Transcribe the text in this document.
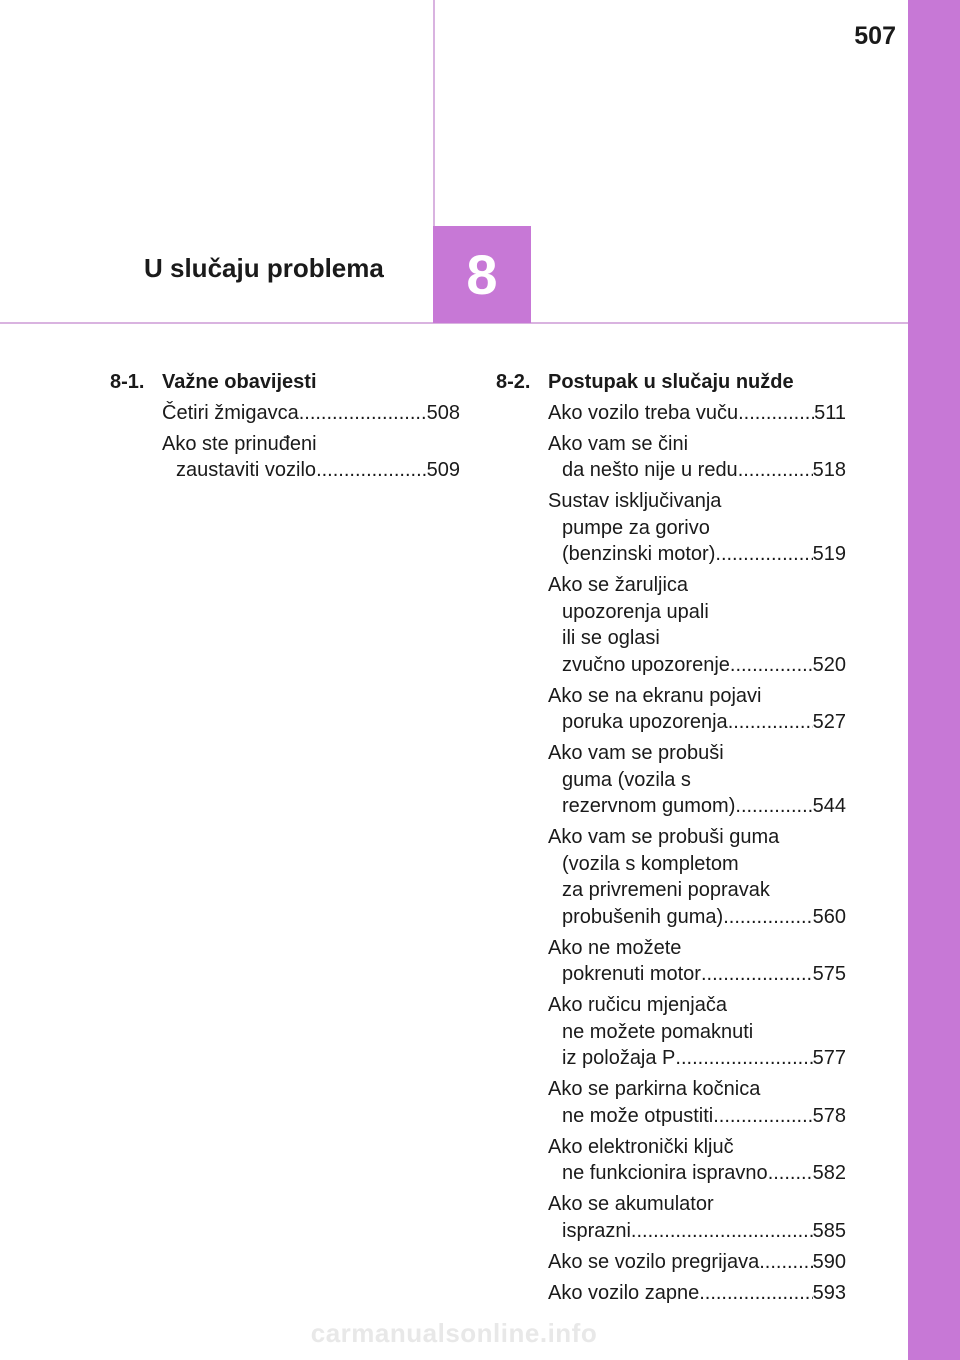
507
U slučaju problema 8
8-1. Važne obavijesti
Četiri žmigavca .....	508
Ako ste prinuđeni
zaustaviti vozilo .....	509
8-2. Postupak u slučaju nužde
Ako vozilo treba vuču .....	511
Ako vam se čini
da nešto nije u redu .....	518
Sustav isključivanja
pumpe za gorivo
(benzinski motor) .....	519
Ako se žaruljica
upozorenja upali
ili se oglasi
zvučno upozorenje .....	520
Ako se na ekranu pojavi
poruka upozorenja .....	527
Ako vam se probuši
guma (vozila s
rezervnom gumom) .....	544
Ako vam se probuši guma
(vozila s kompletom
za privremeni popravak
probušenih guma) .....	560
Ako ne možete
pokrenuti motor .....	575
Ako ručicu mjenjača
ne možete pomaknuti
iz položaja P .....	577
Ako se parkirna kočnica
ne može otpustiti .....	578
Ako elektronički ključ
ne funkcionira ispravno ..... 582
Ako se akumulator
isprazni .....	585
Ako se vozilo pregrijava .....	590
Ako vozilo zapne .....	593
carmanualsonline.info
